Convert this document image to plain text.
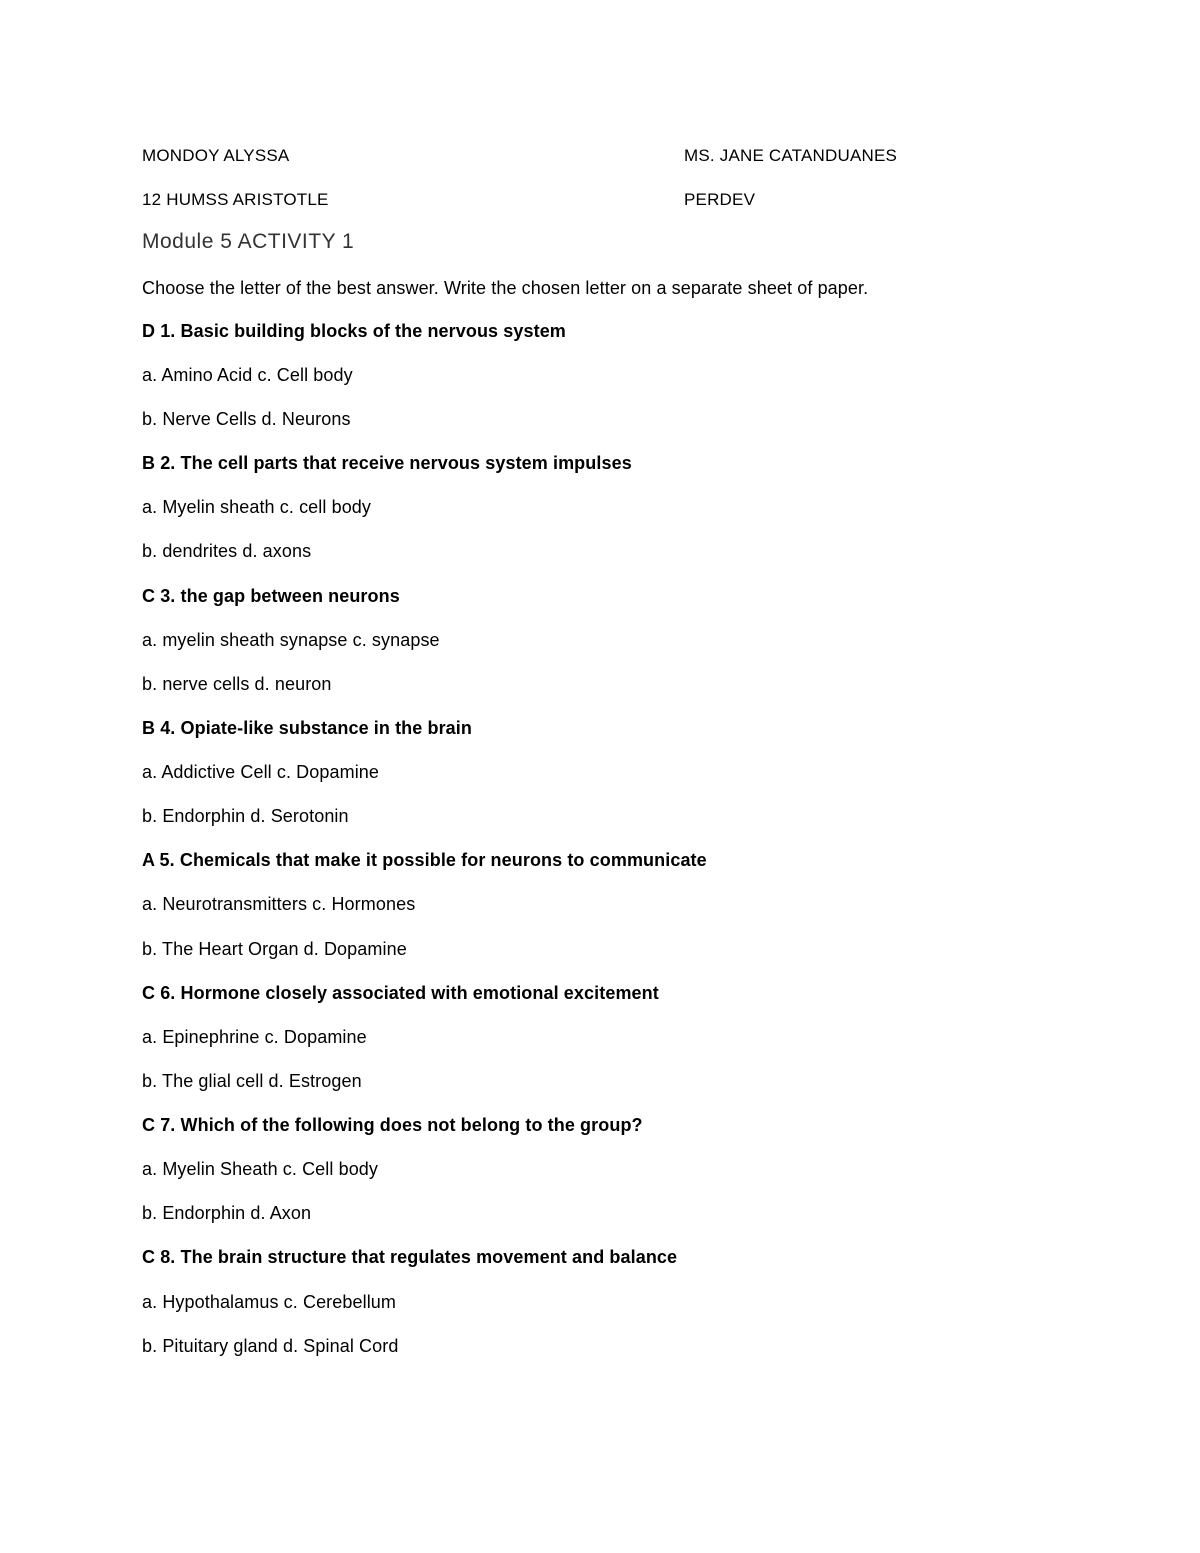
MONDOY ALYSSA	MS. JANE CATANDUANES
12 HUMSS ARISTOTLE	PERDEV
Module 5 ACTIVITY 1
Choose the letter of the best answer. Write the chosen letter on a separate sheet of paper.
D 1. Basic building blocks of the nervous system
a. Amino Acid c. Cell body
b. Nerve Cells d. Neurons
B 2. The cell parts that receive nervous system impulses
a. Myelin sheath c. cell body
b. dendrites d. axons
C 3. the gap between neurons
a. myelin sheath synapse c. synapse
b. nerve cells d. neuron
B 4. Opiate-like substance in the brain
a. Addictive Cell c. Dopamine
b. Endorphin d. Serotonin
A 5. Chemicals that make it possible for neurons to communicate
a. Neurotransmitters c. Hormones
b. The Heart Organ d. Dopamine
C 6. Hormone closely associated with emotional excitement
a. Epinephrine c. Dopamine
b. The glial cell d. Estrogen
C 7. Which of the following does not belong to the group?
a. Myelin Sheath c. Cell body
b. Endorphin d. Axon
C 8. The brain structure that regulates movement and balance
a. Hypothalamus c. Cerebellum
b. Pituitary gland d. Spinal Cord
